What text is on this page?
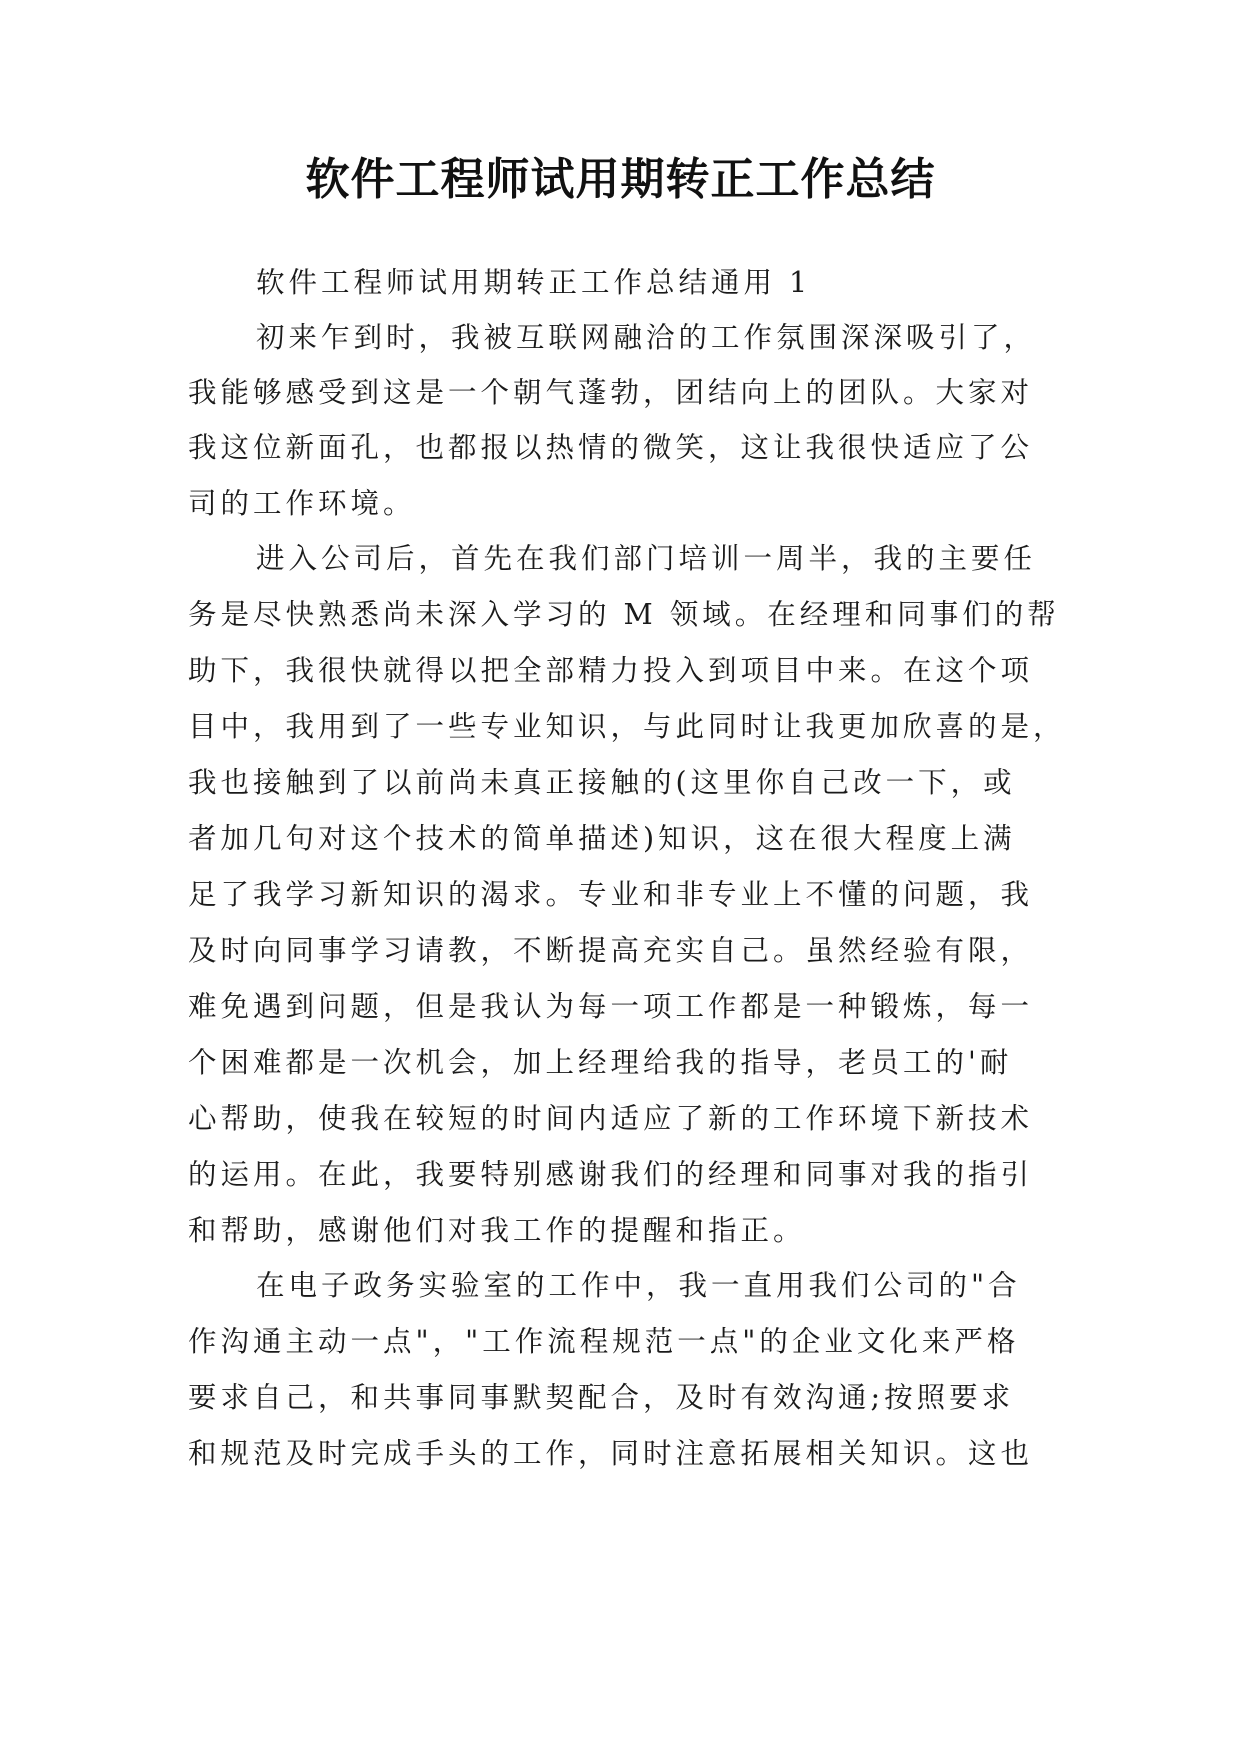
软件工程师试用期转正工作总结
软件工程师试用期转正工作总结通用 1
初来乍到时，我被互联网融洽的工作氛围深深吸引了，
我能够感受到这是一个朝气蓬勃，团结向上的团队。大家对
我这位新面孔，也都报以热情的微笑，这让我很快适应了公
司的工作环境。
进入公司后，首先在我们部门培训一周半，我的主要任
务是尽快熟悉尚未深入学习的 M 领域。在经理和同事们的帮
助下，我很快就得以把全部精力投入到项目中来。在这个项
目中，我用到了一些专业知识，与此同时让我更加欣喜的是，
我也接触到了以前尚未真正接触的(这里你自己改一下，或
者加几句对这个技术的简单描述)知识，这在很大程度上满
足了我学习新知识的渴求。专业和非专业上不懂的问题，我
及时向同事学习请教，不断提高充实自己。虽然经验有限，
难免遇到问题，但是我认为每一项工作都是一种锻炼，每一
个困难都是一次机会，加上经理给我的指导，老员工的'耐
心帮助，使我在较短的时间内适应了新的工作环境下新技术
的运用。在此，我要特别感谢我们的经理和同事对我的指引
和帮助，感谢他们对我工作的提醒和指正。
在电子政务实验室的工作中，我一直用我们公司的"合
作沟通主动一点"，"工作流程规范一点"的企业文化来严格
要求自己，和共事同事默契配合，及时有效沟通;按照要求
和规范及时完成手头的工作，同时注意拓展相关知识。这也
